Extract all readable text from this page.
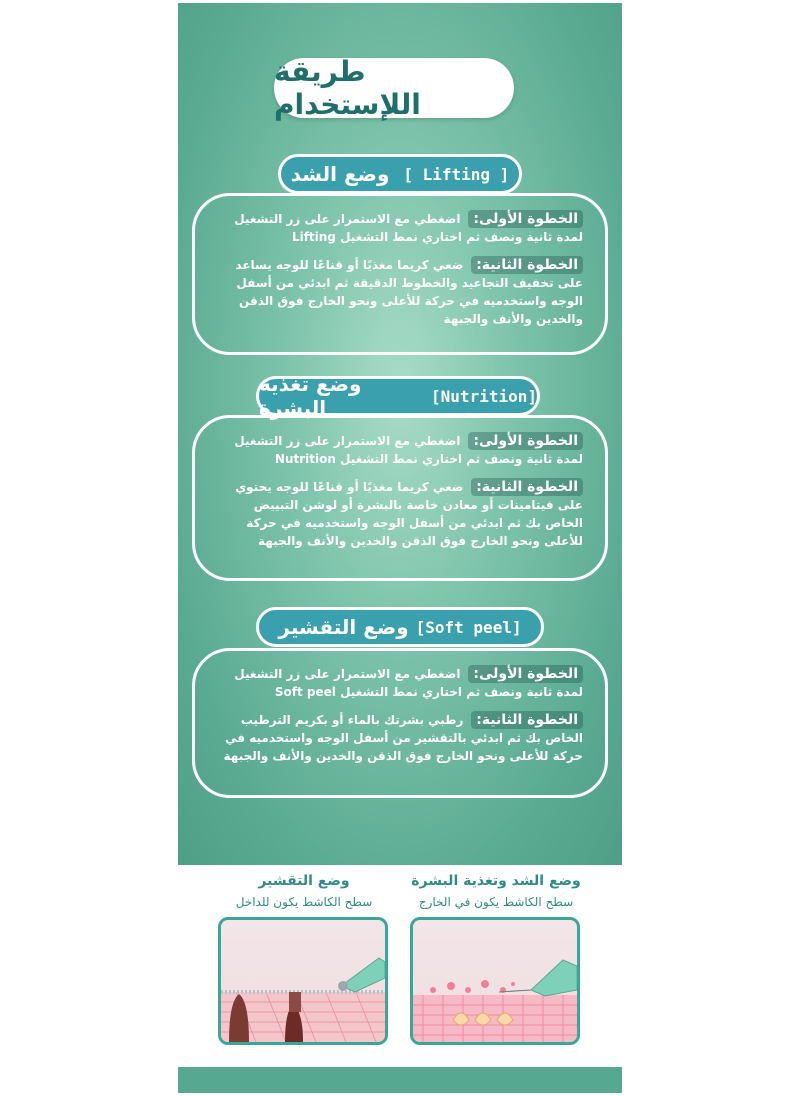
طريقة اللإستخدام
وضع الشد
[ Lifting ]
الخطوة الأولى: اضغطي مع الاستمرار على زر التشغيل لمدة ثانية ونصف ثم اختاري نمط التشغيل Lifting
الخطوة الثانية: ضعي كريما مغذيًا أو قناعًا للوجه يساعد على تخفيف التجاعيد والخطوط الدقيقة ثم ابدئي من أسفل الوجه واستخدميه في حركة للأعلى ونحو الخارج فوق الذقن والخدين والأنف والجبهة
وضع تغذية البشرة
	[Nutrition]
الخطوة الأولى: اضغطي مع الاستمرار على زر التشغيل لمدة ثانية ونصف ثم اختاري نمط التشغيل Nutrition
الخطوة الثانية: ضعي كريما مغذيًا أو قناعًا للوجه يحتوي على فيتامينات أو معادن خاصة بالبشرة أو لوشن التبييض الخاص بك ثم ابدئي من أسفل الوجه واستخدميه في حركة للأعلى ونحو الخارج فوق الذقن والخدين والأنف والجبهة
وضع التقشير
[Soft peel]
الخطوة الأولى: اضغطي مع الاستمرار على زر التشغيل لمدة ثانية ونصف ثم اختاري نمط التشغيل Soft peel
الخطوة الثانية: رطبي بشرتك بالماء أو بكريم الترطيب الخاص بك ثم ابدئي بالتقشير من أسفل الوجه واستخدميه في حركة للأعلى ونحو الخارج فوق الذقن والخدين والأنف والجبهة
وضع الشد وتغذية البشرة
سطح الكاشط يكون في الخارج
وضع التقشير
سطح الكاشط يكون للداخل
